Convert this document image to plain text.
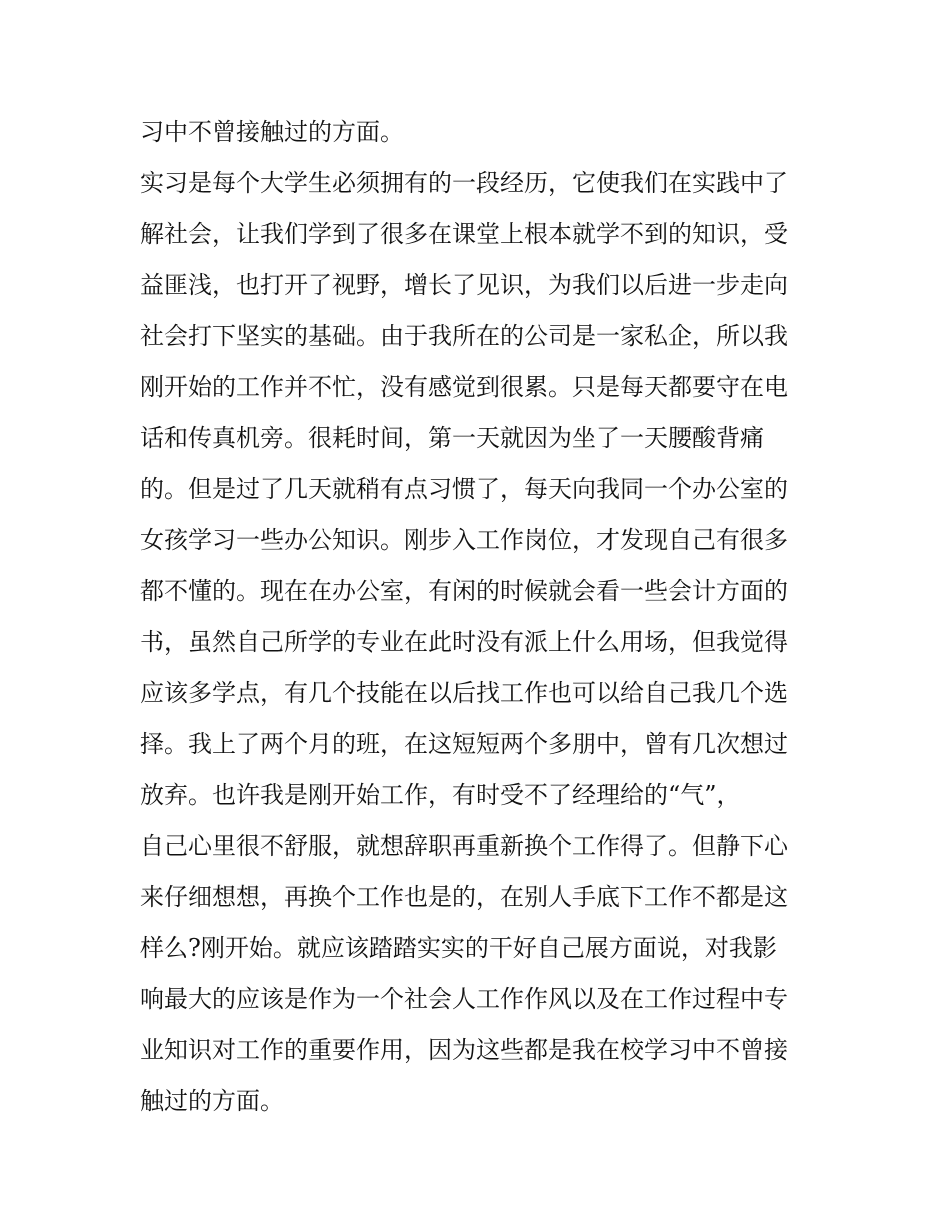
习中不曾接触过的方面。
实习是每个大学生必须拥有的一段经历，它使我们在实践中了
解社会，让我们学到了很多在课堂上根本就学不到的知识，受
益匪浅，也打开了视野，增长了见识，为我们以后进一步走向
社会打下坚实的基础。由于我所在的公司是一家私企，所以我
刚开始的工作并不忙，没有感觉到很累。只是每天都要守在电
话和传真机旁。很耗时间，第一天就因为坐了一天腰酸背痛
的。但是过了几天就稍有点习惯了，每天向我同一个办公室的
女孩学习一些办公知识。刚步入工作岗位，才发现自己有很多
都不懂的。现在在办公室，有闲的时候就会看一些会计方面的
书，虽然自己所学的专业在此时没有派上什么用场，但我觉得
应该多学点，有几个技能在以后找工作也可以给自己我几个选
择。我上了两个月的班，在这短短两个多朋中，曾有几次想过
放弃。也许我是刚开始工作，有时受不了经理给的“气”，
自己心里很不舒服，就想辞职再重新换个工作得了。但静下心
来仔细想想，再换个工作也是的，在别人手底下工作不都是这
样么?刚开始。就应该踏踏实实的干好自己展方面说，对我影
响最大的应该是作为一个社会人工作作风以及在工作过程中专
业知识对工作的重要作用，因为这些都是我在校学习中不曾接
触过的方面。
